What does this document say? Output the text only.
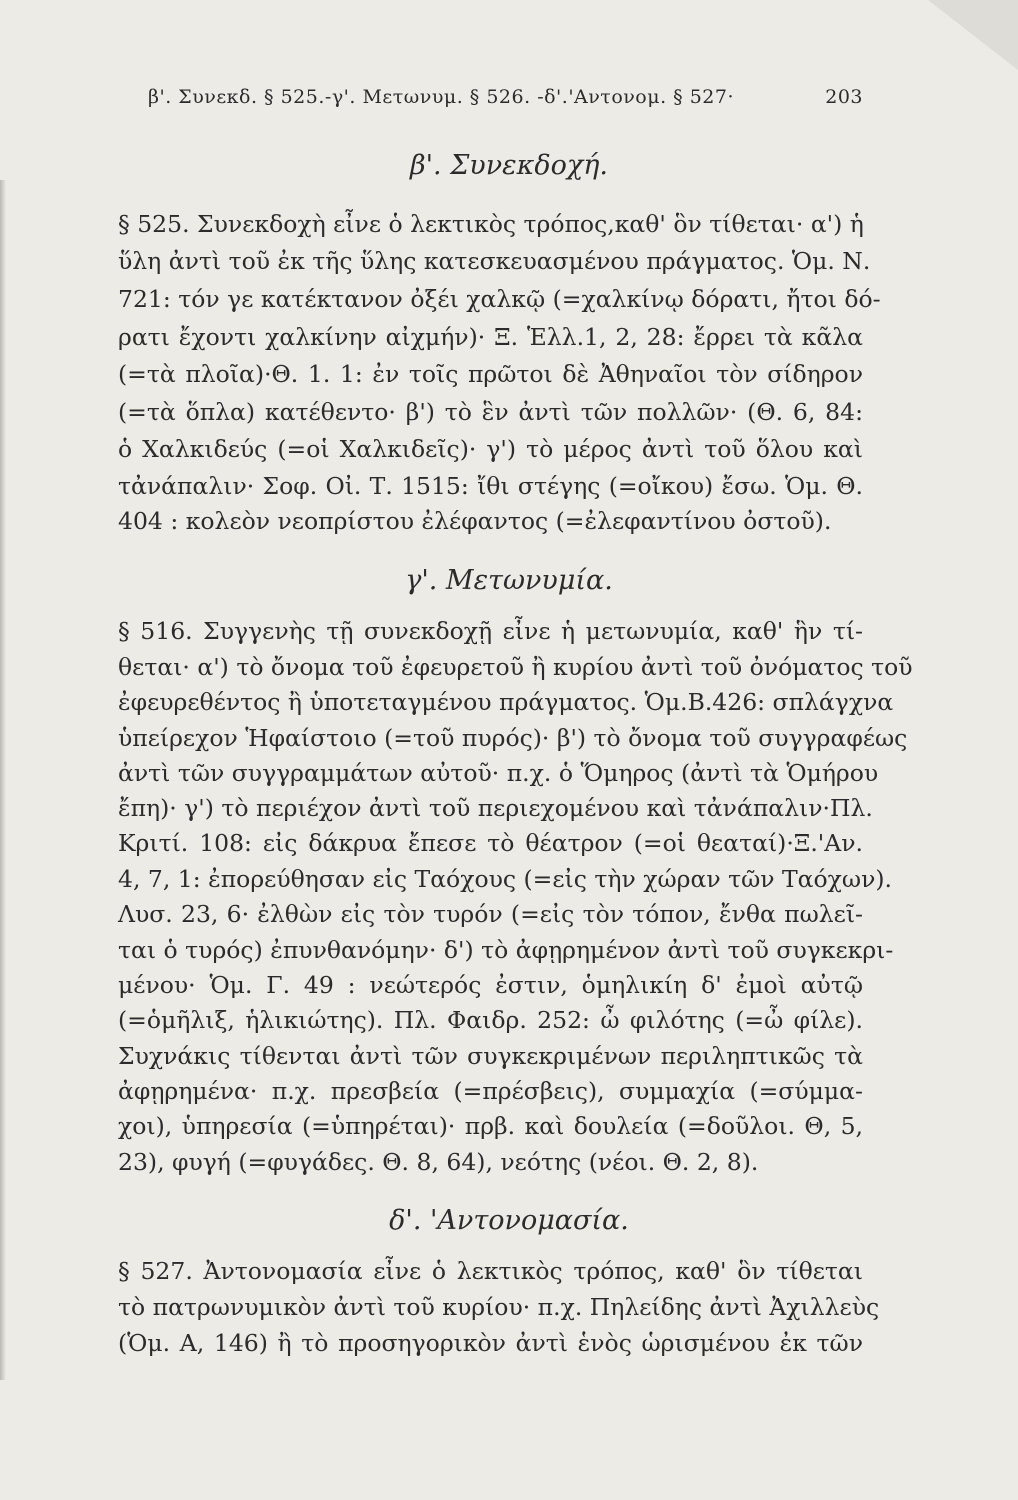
β'. Συνεκδ. § 525.-γ'. Μετωνυμ. § 526. -δ'.'Αντονομ. § 527·	203
β'. Συνεκδοχή.
§ 525. Συνεκδοχὴ εἶνε ὁ λεκτικὸς τρόπος,καθ' ὃν τίθεται· α') ἡ
ὕλη ἀντὶ τοῦ ἐκ τῆς ὕλης κατεσκευασμένου πράγματος. Ὁμ. Ν.
721: τόν γε κατέκτανον ὀξέι χαλκῷ (=χαλκίνῳ δόρατι, ἤτοι δό-
ρατι ἔχοντι χαλκίνην αἰχμήν)· Ξ. Ἑλλ.1, 2, 28: ἔρρει τὰ κᾶλα
(=τὰ πλοῖα)·Θ. 1. 1: ἐν τοῖς πρῶτοι δὲ Ἀθηναῖοι τὸν σίδηρον
(=τὰ ὅπλα) κατέθεντο· β') τὸ ἓν ἀντὶ τῶν πολλῶν· (Θ. 6, 84:
ὁ Χαλκιδεύς (=οἱ Χαλκιδεῖς)· γ') τὸ μέρος ἀντὶ τοῦ ὅλου καὶ
τἀνάπαλιν· Σοφ. Οἰ. Τ. 1515: ἴθι στέγης (=οἴκου) ἔσω. Ὁμ. Θ.
404 : κολεὸν νεοπρίστου ἐλέφαντος (=ἐλεφαντίνου ὀστοῦ).
γ'. Μετωνυμία.
§ 516. Συγγενὴς τῇ συνεκδοχῇ εἶνε ἡ μετωνυμία, καθ' ἣν τί-
θεται· α') τὸ ὄνομα τοῦ ἐφευρετοῦ ἢ κυρίου ἀντὶ τοῦ ὀνόματος τοῦ
ἐφευρεθέντος ἢ ὑποτεταγμένου πράγματος. Ὁμ.Β.426: σπλάγχνα
ὑπείρεχον Ἡφαίστοιο (=τοῦ πυρός)· β') τὸ ὄνομα τοῦ συγγραφέως
ἀντὶ τῶν συγγραμμάτων αὐτοῦ· π.χ. ὁ Ὅμηρος (ἀντὶ τὰ Ὁμήρου
ἔπη)· γ') τὸ περιέχον ἀντὶ τοῦ περιεχομένου καὶ τἀνάπαλιν·Πλ.
Κριτί. 108: εἰς δάκρυα ἔπεσε τὸ θέατρον (=οἱ θεαταί)·Ξ.'Αν.
4, 7, 1: ἐπορεύθησαν εἰς Ταόχους (=εἰς τὴν χώραν τῶν Ταόχων).
Λυσ. 23, 6· ἐλθὼν εἰς τὸν τυρόν (=εἰς τὸν τόπον, ἔνθα πωλεῖ-
ται ὁ τυρός) ἐπυνθανόμην· δ') τὸ ἀφῃρημένον ἀντὶ τοῦ συγκεκρι-
μένου· Ὁμ. Γ. 49 : νεώτερός ἐστιν, ὁμηλικίη δ' ἐμοὶ αὐτῷ
(=ὁμῆλιξ, ἡλικιώτης). Πλ. Φαιδρ. 252: ὦ φιλότης (=ὦ φίλε).
Συχνάκις τίθενται ἀντὶ τῶν συγκεκριμένων περιληπτικῶς τὰ
ἀφῃρημένα· π.χ. πρεσβεία (=πρέσβεις), συμμαχία (=σύμμα-
χοι), ὑπηρεσία (=ὑπηρέται)· πρβ. καὶ δουλεία (=δοῦλοι. Θ, 5,
23), φυγή (=φυγάδες. Θ. 8, 64), νεότης (νέοι. Θ. 2, 8).
δ'. 'Αντονομασία.
§ 527. Ἀντονομασία εἶνε ὁ λεκτικὸς τρόπος, καθ' ὃν τίθεται
τὸ πατρωνυμικὸν ἀντὶ τοῦ κυρίου· π.χ. Πηλείδης ἀντὶ Ἀχιλλεὺς
(Ὁμ. Α, 146) ἢ τὸ προσηγορικὸν ἀντὶ ἑνὸς ὡρισμένου ἐκ τῶν
